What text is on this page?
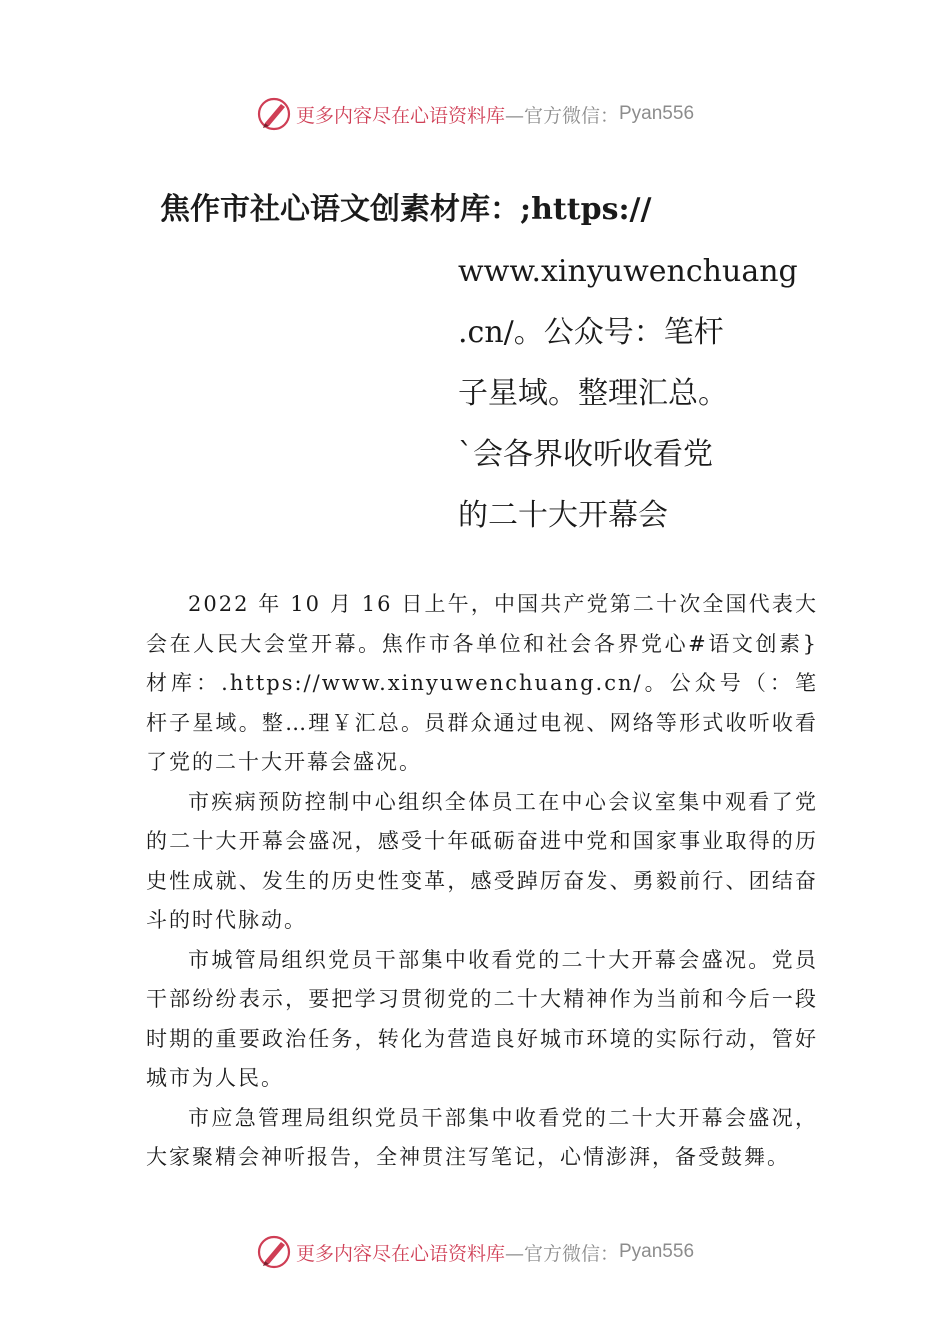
更多内容尽在心语资料库 —官方微信： Pyan556
焦作市社心语文创素材库：;https://
www.xinyuwenchuang
.cn/。公众号：笔杆
子星域。整理汇总。
`会各界收听收看党
的二十大开幕会

2022 年 10 月 16 日上午，中国共产党第二十次全国代表大会在人民大会堂开幕。焦作市各单位和社会各界党心#语文创素}材库：.https://www.xinyuwenchuang.cn/。公众号（：笔杆子星域。整…理￥汇总。员群众通过电视、网络等形式收听收看了党的二十大开幕会盛况。

市疾病预防控制中心组织全体员工在中心会议室集中观看了党的二十大开幕会盛况，感受十年砥砺奋进中党和国家事业取得的历史性成就、发生的历史性变革，感受踔厉奋发、勇毅前行、团结奋斗的时代脉动。

市城管局组织党员干部集中收看党的二十大开幕会盛况。党员干部纷纷表示，要把学习贯彻党的二十大精神作为当前和今后一段时期的重要政治任务，转化为营造良好城市环境的实际行动，管好城市为人民。

市应急管理局组织党员干部集中收看党的二十大开幕会盛况，大家聚精会神听报告，全神贯注写笔记，心情澎湃，备受鼓舞。

更多内容尽在心语资料库 —官方微信： Pyan556
